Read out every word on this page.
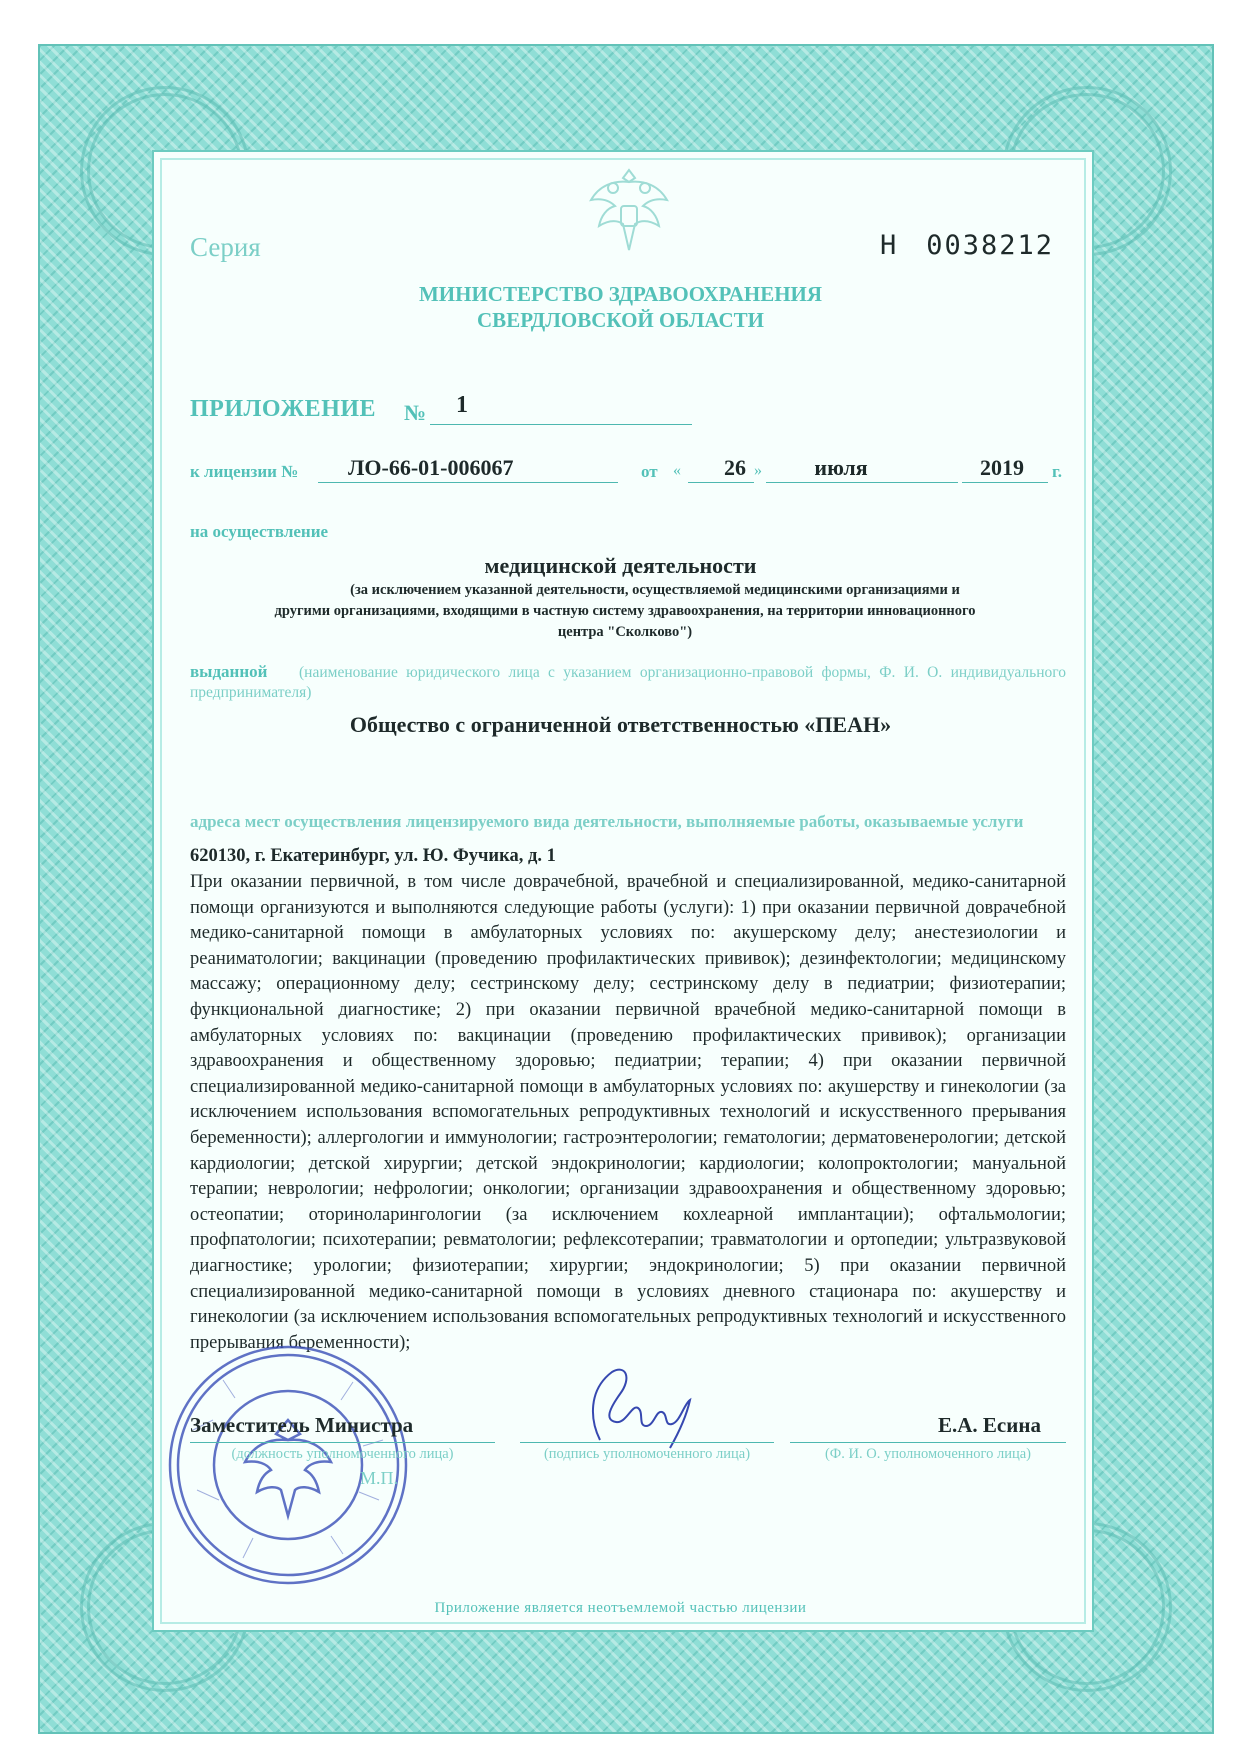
Серия	Н 0038212
МИНИСТЕРСТВО ЗДРАВООХРАНЕНИЯ
СВЕРДЛОВСКОЙ ОБЛАСТИ
ПРИЛОЖЕНИЕ №	1
к лицензии №	ЛО-66-01-006067	от «	26 »	июля	2019	г.
на осуществление
медицинской деятельности
(за исключением указанной деятельности, осуществляемой медицинскими организациями и
другими организациями, входящими в частную систему здравоохранения, на территории инновационного
центра "Сколково")
(наименование юридического лица с указанием организационно-правовой формы, Ф. И. О. индивидуального предпринимателя)
выданной
Общество с ограниченной ответственностью «ПЕАН»
адреса мест осуществления лицензируемого вида деятельности, выполняемые работы, оказываемые услуги
620130, г. Екатеринбург, ул. Ю. Фучика, д. 1
При оказании первичной, в том числе доврачебной, врачебной и специализированной, медико-санитарной помощи организуются и выполняются следующие работы (услуги): 1) при оказании первичной доврачебной медико-санитарной помощи в амбулаторных условиях по: акушерскому делу; анестезиологии и реаниматологии; вакцинации (проведению профилактических прививок); дезинфектологии; медицинскому массажу; операционному делу; сестринскому делу; сестринскому делу в педиатрии; физиотерапии; функциональной диагностике; 2) при оказании первичной врачебной медико-санитарной помощи в амбулаторных условиях по: вакцинации (проведению профилактических прививок); организации здравоохранения и общественному здоровью; педиатрии; терапии; 4) при оказании первичной специализированной медико-санитарной помощи в амбулаторных условиях по: акушерству и гинекологии (за исключением использования вспомогательных репродуктивных технологий и искусственного прерывания беременности); аллергологии и иммунологии; гастроэнтерологии; гематологии; дерматовенерологии; детской кардиологии; детской хирургии; детской эндокринологии; кардиологии; колопроктологии; мануальной терапии; неврологии; нефрологии; онкологии; организации здравоохранения и общественному здоровью; остеопатии; оториноларингологии (за исключением кохлеарной имплантации); офтальмологии; профпатологии; психотерапии; ревматологии; рефлексотерапии; травматологии и ортопедии; ультразвуковой диагностике; урологии; физиотерапии; хирургии; эндокринологии; 5) при оказании первичной специализированной медико-санитарной помощи в условиях дневного стационара по: акушерству и гинекологии (за исключением использования вспомогательных репродуктивных технологий и искусственного прерывания беременности);
Заместитель Министра	Е.А. Есина
(должность уполномоченного лица)	(подпись уполномоченного лица)	(Ф. И. О. уполномоченного лица)
М.П.
Приложение является неотъемлемой частью лицензии
